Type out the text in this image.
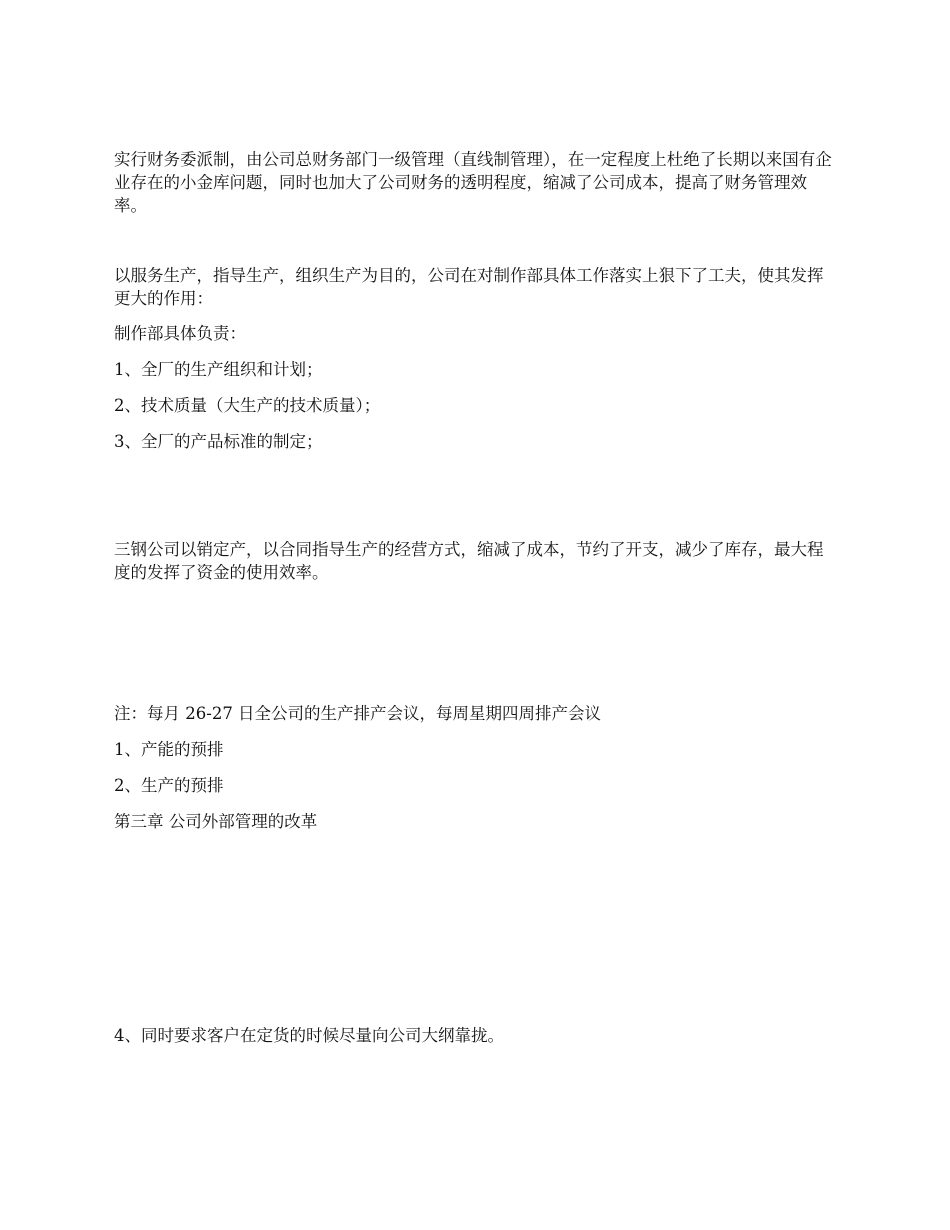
实行财务委派制，由公司总财务部门一级管理（直线制管理），在一定程度上杜绝了长期以来国有企业存在的小金库问题，同时也加大了公司财务的透明程度，缩减了公司成本，提高了财务管理效率。

以服务生产，指导生产，组织生产为目的，公司在对制作部具体工作落实上狠下了工夫，使其发挥更大的作用：

制作部具体负责：

1、全厂的生产组织和计划；

2、技术质量（大生产的技术质量）；

3、全厂的产品标准的制定；

三钢公司以销定产，以合同指导生产的经营方式，缩减了成本，节约了开支，减少了库存，最大程度的发挥了资金的使用效率。

注：每月 26-27 日全公司的生产排产会议，每周星期四周排产会议

1、产能的预排

2、生产的预排

第三章 公司外部管理的改革

4、同时要求客户在定货的时候尽量向公司大纲靠拢。
